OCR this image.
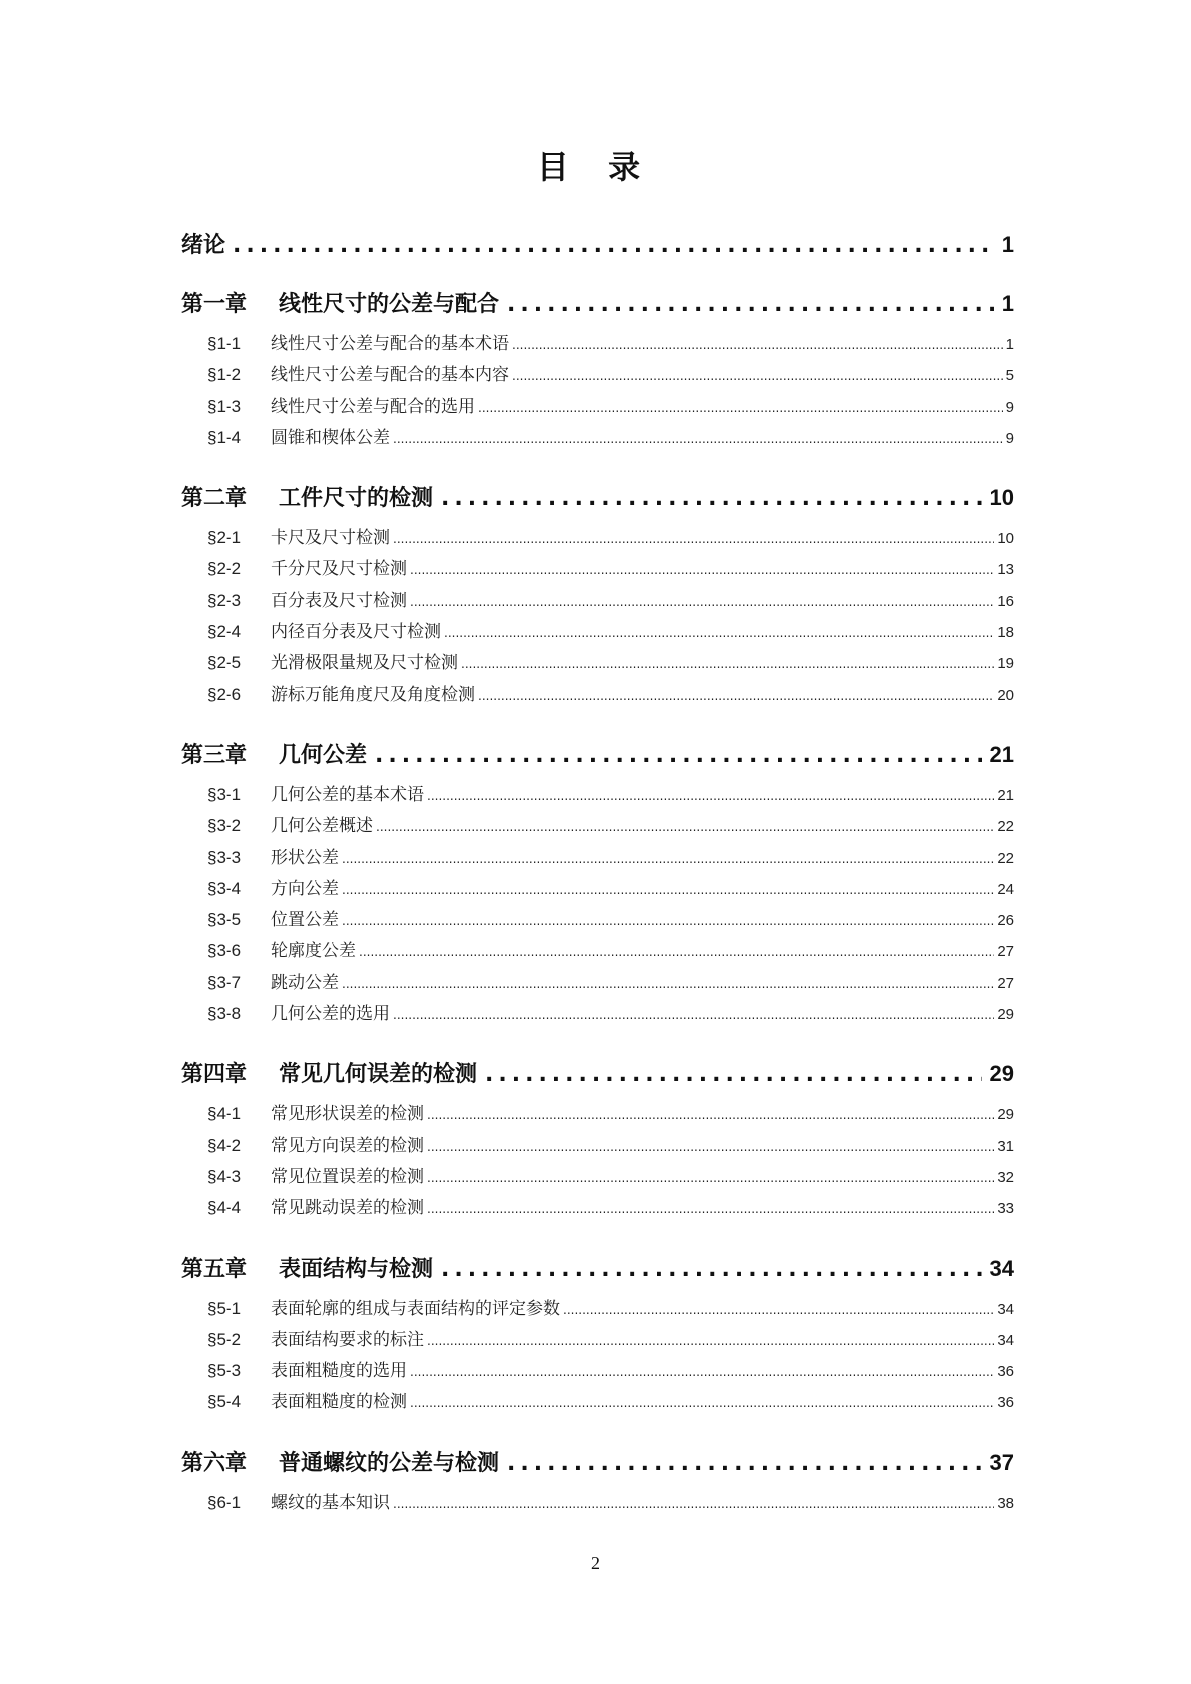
目 录
绪论 .....	1
第一章 线性尺寸的公差与配合 .....	1
§1-1	线性尺寸公差与配合的基本术语 .....	1
§1-2	线性尺寸公差与配合的基本内容 .....	5
§1-3	线性尺寸公差与配合的选用 .....	9
§1-4	圆锥和楔体公差 .....	9
第二章 工件尺寸的检测 .....	10
§2-1	卡尺及尺寸检测 .....	10
§2-2	千分尺及尺寸检测 .....	13
§2-3	百分表及尺寸检测 .....	16
§2-4	内径百分表及尺寸检测 .....	18
§2-5	光滑极限量规及尺寸检测 .....	19
§2-6	游标万能角度尺及角度检测 .....	20
第三章 几何公差 .....	21
§3-1	几何公差的基本术语 .....	21
§3-2	几何公差概述 .....	22
§3-3	形状公差 .....	22
§3-4	方向公差 .....	24
§3-5	位置公差 .....	26
§3-6	轮廓度公差 .....	27
§3-7	跳动公差 .....	27
§3-8	几何公差的选用 .....	29
第四章 常见几何误差的检测 .....	29
§4-1	常见形状误差的检测 .....	29
§4-2	常见方向误差的检测 .....	31
§4-3	常见位置误差的检测 .....	32
§4-4	常见跳动误差的检测 .....	33
第五章 表面结构与检测 .....	34
§5-1	表面轮廓的组成与表面结构的评定参数 .....	34
§5-2	表面结构要求的标注 .....	34
§5-3	表面粗糙度的选用 .....	36
§5-4	表面粗糙度的检测 .....	36
第六章 普通螺纹的公差与检测 .....	37
§6-1	螺纹的基本知识 .....	38
2
